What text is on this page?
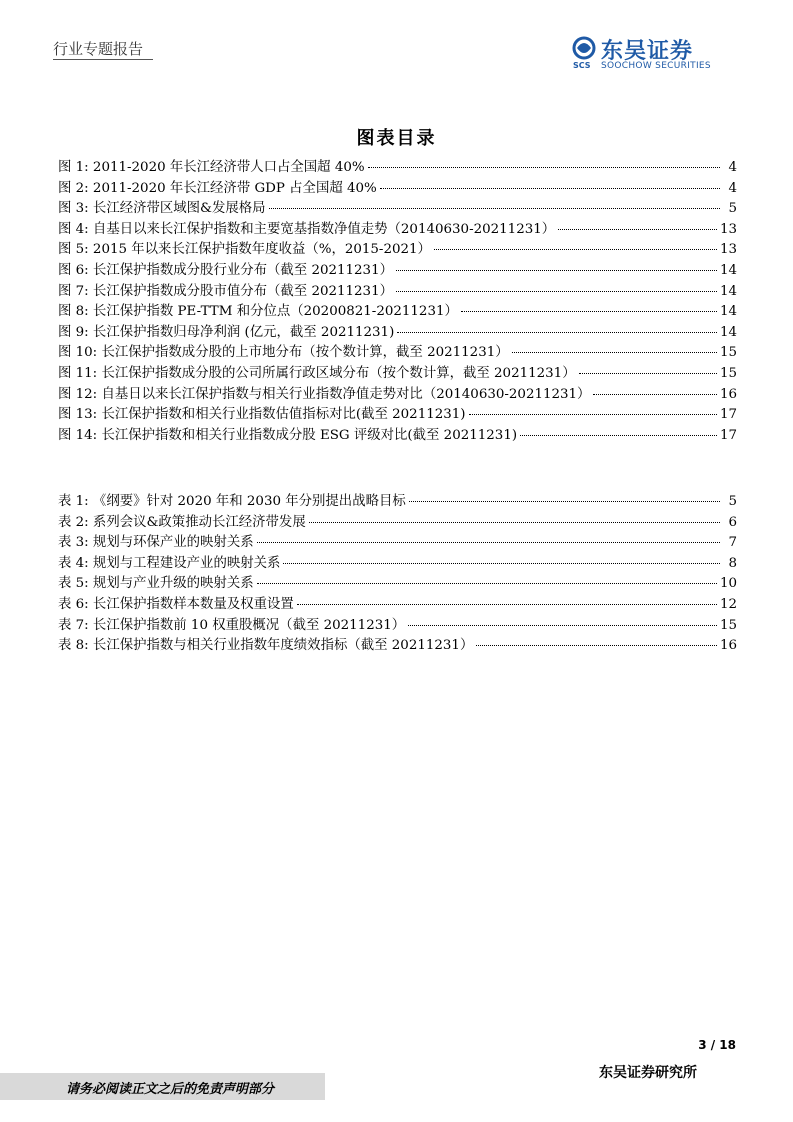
行业专题报告
SCS
东吴证券
SOOCHOW SECURITIES
图表目录
图 1: 2011-2020 年长江经济带人口占全国超 40%	4
图 2: 2011-2020 年长江经济带 GDP 占全国超 40%	4
图 3: 长江经济带区域图&发展格局	5
图 4: 自基日以来长江保护指数和主要宽基指数净值走势（20140630-20211231）	13
图 5: 2015 年以来长江保护指数年度收益（%，2015-2021）	13
图 6: 长江保护指数成分股行业分布（截至 20211231）	14
图 7: 长江保护指数成分股市值分布（截至 20211231）	14
图 8: 长江保护指数 PE-TTM 和分位点（20200821-20211231）	14
图 9: 长江保护指数归母净利润 (亿元，截至 20211231)	14
图 10: 长江保护指数成分股的上市地分布（按个数计算，截至 20211231）	15
图 11: 长江保护指数成分股的公司所属行政区域分布（按个数计算，截至 20211231）	15
图 12: 自基日以来长江保护指数与相关行业指数净值走势对比（20140630-20211231）	16
图 13: 长江保护指数和相关行业指数估值指标对比(截至 20211231)	17
图 14: 长江保护指数和相关行业指数成分股 ESG 评级对比(截至 20211231)	17
表 1: 《纲要》针对 2020 年和 2030 年分别提出战略目标	5
表 2: 系列会议&政策推动长江经济带发展	6
表 3: 规划与环保产业的映射关系	7
表 4: 规划与工程建设产业的映射关系	8
表 5: 规划与产业升级的映射关系	10
表 6: 长江保护指数样本数量及权重设置	12
表 7: 长江保护指数前 10 权重股概况（截至 20211231）	15
表 8: 长江保护指数与相关行业指数年度绩效指标（截至 20211231）	16
3 / 18
请务必阅读正文之后的免责声明部分
东吴证券研究所
